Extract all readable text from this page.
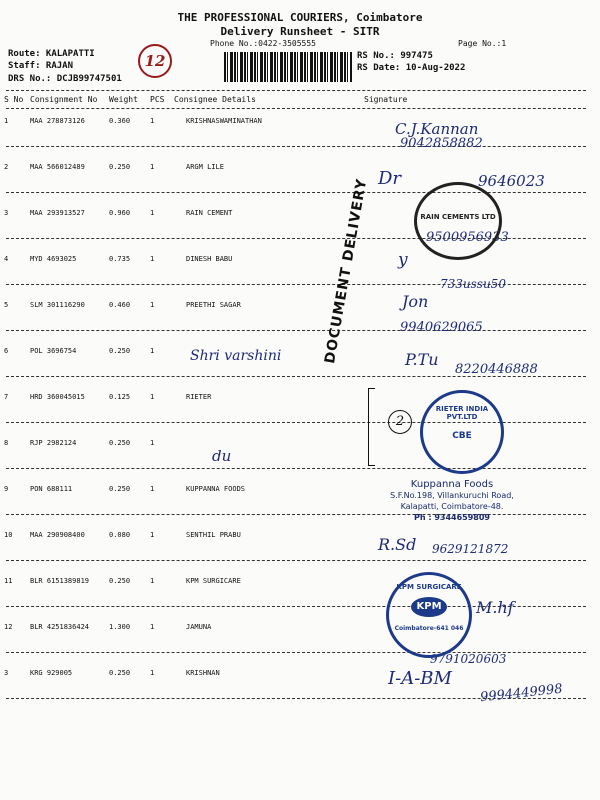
THE PROFESSIONAL COURIERS, Coimbatore
Delivery Runsheet - SITR
Phone No.:0422-3505555	Page No.:1
Route: KALAPATTI
Staff: RAJAN
DRS No.: DCJB99747501
RS No.: 997475
RS Date: 10-Aug-2022
12
S No Consignment No Weight PCS Consignee Details	Signature
1	MAA 278873126	0.360	1	KRISHNASWAMINATHAN
2	MAA 566012489	0.250	1	ARGM LILE
3	MAA 293913527	0.960	1	RAIN CEMENT
4	MYD 4693025	0.735	1	DINESH BABU
5	SLM 301116290	0.460	1	PREETHI SAGAR
6	POL 3696754	0.250	1
7	HRD 360045015	0.125	1	RIETER
8	RJP 2982124	0.250	1
9	PON 688111	0.250	1	KUPPANNA FOODS
10	MAA 290908400	0.080	1	SENTHIL PRABU
11	BLR 6151389819	0.250	1	KPM SURGICARE
12	BLR 4251836424	1.300	1	JAMUNA
3	KRG 929005	0.250	1	KRISHNAN
C.J.Kannan
9042858882
Dr	9646023
9500956933
y
733ussu50
Jon
9940629065
Shri varshini	P.Tu
8220446888
du
R.Sd 9629121872
M.hf
9791020603
I-A-BM
9994449998
2
DOCUMENT DELIVERY	RAIN CEMENTS LTD
RIETER INDIA PVT.LTD
CBE
Kuppanna Foods
S.F.No.198, Villankuruchi Road,
Kalapatti, Coimbatore-48.
Ph : 9344659809
KPM SURGICARE
KPM
Coimbatore-641 046
